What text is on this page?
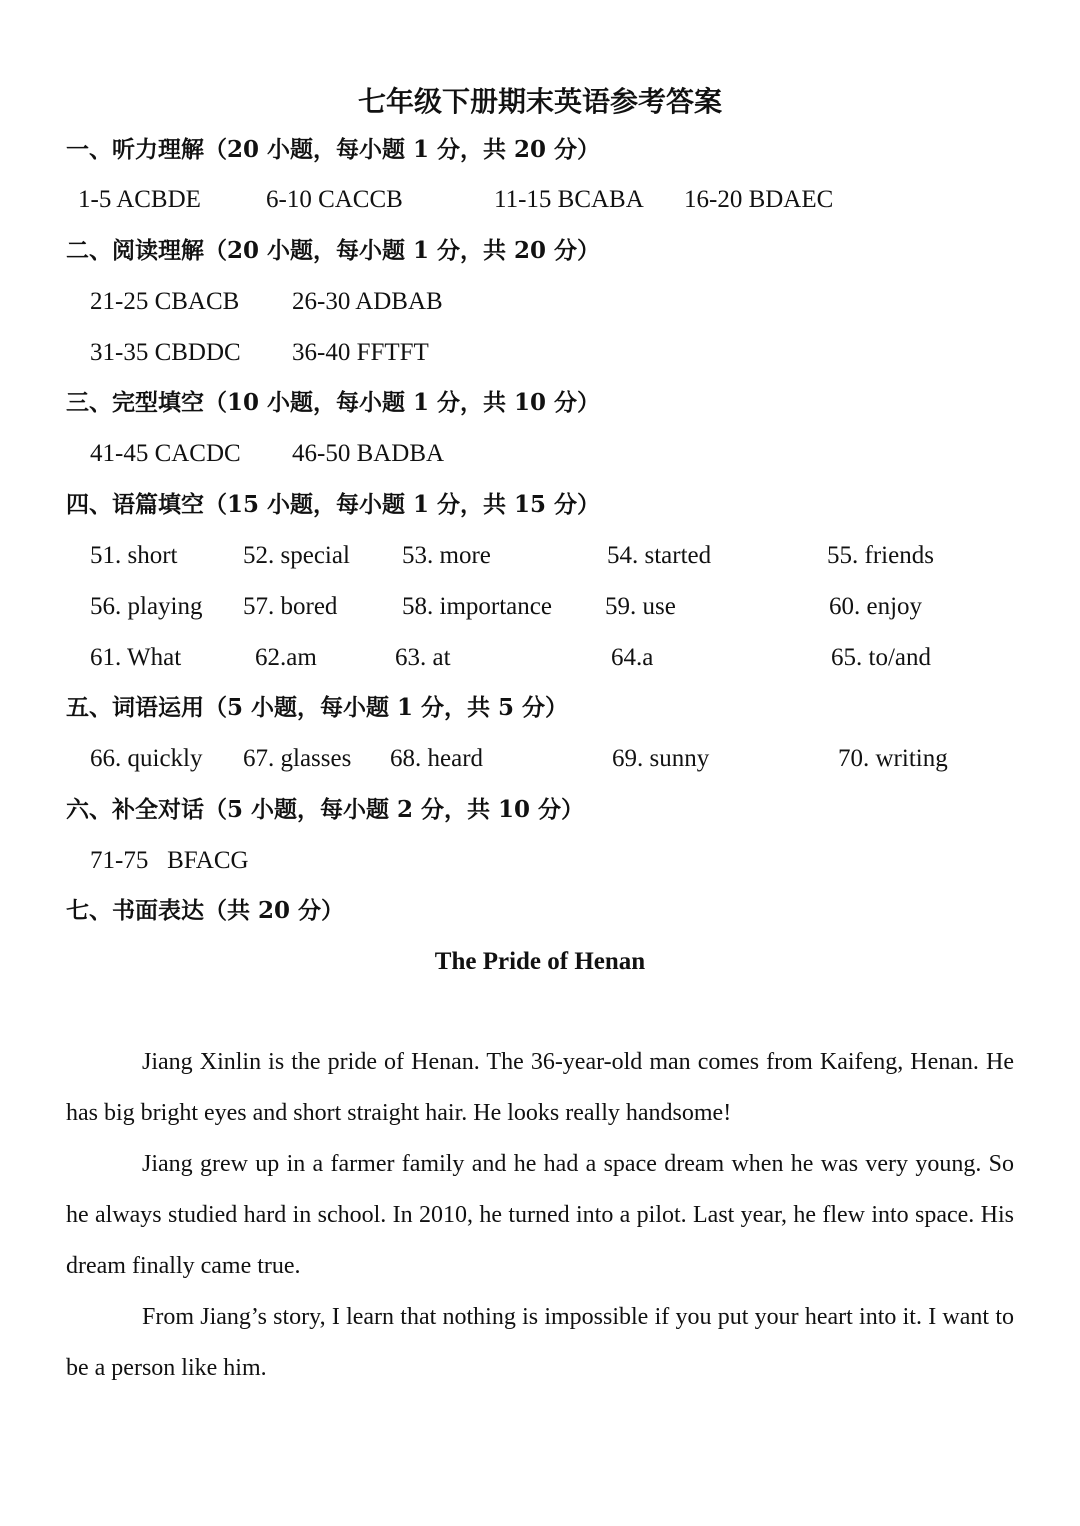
七年级下册期末英语参考答案
一、听力理解（20 小题，每小题 1 分，共 20 分）
1-5 ACBDE	6-10 CACCB	11-15 BCABA 16-20 BDAEC
二、阅读理解（20 小题，每小题 1 分，共 20 分）
21-25 CBACB 26-30 ADBAB
31-35 CBDDC 36-40 FFTFT
三、完型填空（10 小题，每小题 1 分，共 10 分）
41-45 CACDC 46-50 BADBA
四、语篇填空（15 小题，每小题 1 分，共 15 分）
51. short	52. special 53. more	54. started	55. friends
56. playing 57. bored	58. importance 59. use	60. enjoy
61. What	62.am	63. at	64.a	65. to/and
五、词语运用（5 小题，每小题 1 分，共 5 分）
66. quickly 67. glasses 68. heard	69. sunny	70. writing
六、补全对话（5 小题，每小题 2 分，共 10 分）
71-75   BFACG
七、书面表达（共 20 分）
The Pride of Henan

Jiang Xinlin is the pride of Henan. The 36-year-old man comes from Kaifeng, Henan. He has big bright eyes and short straight hair. He looks really handsome!

Jiang grew up in a farmer family and he had a space dream when he was very young. So he always studied hard in school. In 2010, he turned into a pilot. Last year, he flew into space. His dream finally came true.

From Jiang’s story, I learn that nothing is impossible if you put your heart into it. I want to be a person like him.
